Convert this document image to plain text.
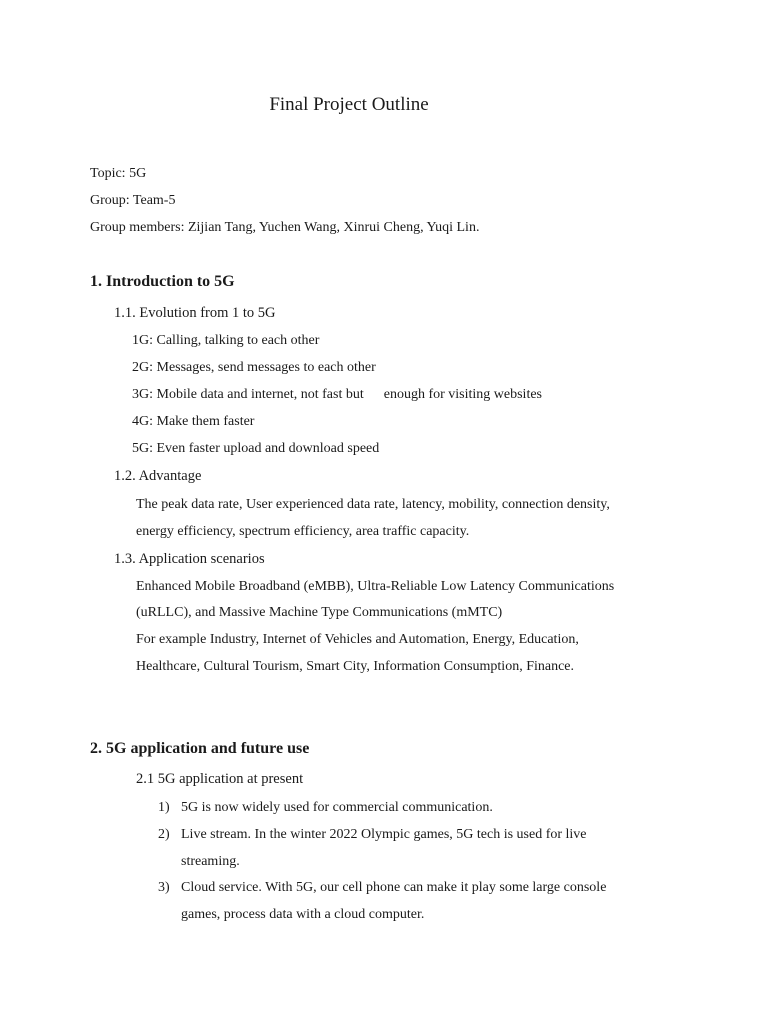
Final Project Outline
Topic: 5G
Group: Team-5
Group members: Zijian Tang, Yuchen Wang, Xinrui Cheng, Yuqi Lin.
1. Introduction to 5G
1.1. Evolution from 1 to 5G
1G: Calling, talking to each other
2G: Messages, send messages to each other
3G: Mobile data and internet, not fast but enough for visiting websites
4G: Make them faster
5G: Even faster upload and download speed
1.2. Advantage
The peak data rate, User experienced data rate, latency, mobility, connection density,
energy efficiency, spectrum efficiency, area traffic capacity.
1.3. Application scenarios
Enhanced Mobile Broadband (eMBB), Ultra-Reliable Low Latency Communications
(uRLLC), and Massive Machine Type Communications (mMTC)
For example Industry, Internet of Vehicles and Automation, Energy, Education,
Healthcare, Cultural Tourism, Smart City, Information Consumption, Finance.
2. 5G application and future use
2.1 5G application at present
1) 5G is now widely used for commercial communication.
2) Live stream. In the winter 2022 Olympic games, 5G tech is used for live
streaming.
3) Cloud service. With 5G, our cell phone can make it play some large console
games, process data with a cloud computer.
